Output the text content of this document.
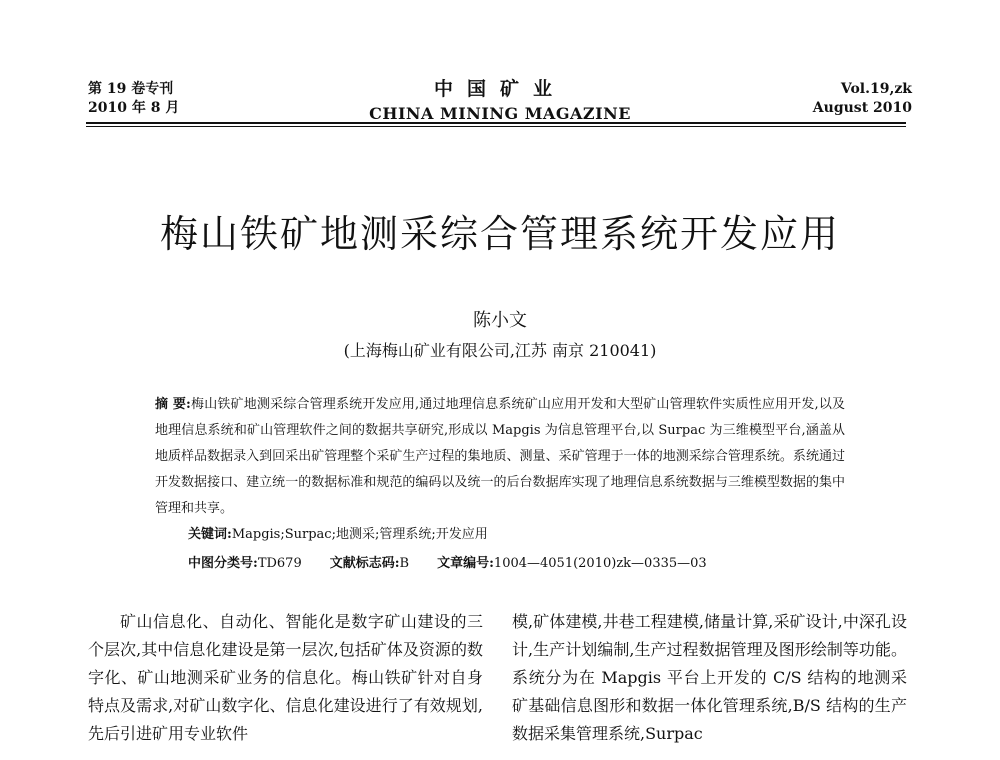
第 19 卷专刊
2010 年 8 月
中国矿业
CHINA MINING MAGAZINE
Vol.19,zk
August 2010
梅山铁矿地测采综合管理系统开发应用
陈小文
(上海梅山矿业有限公司,江苏 南京 210041)
摘 要:梅山铁矿地测采综合管理系统开发应用,通过地理信息系统矿山应用开发和大型矿山管理软件实质性应用开发,以及地理信息系统和矿山管理软件之间的数据共享研究,形成以 Mapgis 为信息管理平台,以 Surpac 为三维模型平台,涵盖从地质样品数据录入到回采出矿管理整个采矿生产过程的集地质、测量、采矿管理于一体的地测采综合管理系统。系统通过开发数据接口、建立统一的数据标准和规范的编码以及统一的后台数据库实现了地理信息系统数据与三维模型数据的集中管理和共享。
关键词:Mapgis;Surpac;地测采;管理系统;开发应用
中图分类号:TD679 文献标志码:B 文章编号:1004—4051(2010)zk—0335—03

矿山信息化、自动化、智能化是数字矿山建设的三个层次,其中信息化建设是第一层次,包括矿体及资源的数字化、矿山地测采矿业务的信息化。梅山铁矿针对自身特点及需求,对矿山数字化、信息化建设进行了有效规划,先后引进矿用专业软件

模,矿体建模,井巷工程建模,储量计算,采矿设计,中深孔设计,生产计划编制,生产过程数据管理及图形绘制等功能。系统分为在 Mapgis 平台上开发的 C/S 结构的地测采矿基础信息图形和数据一体化管理系统,B/S 结构的生产数据采集管理系统,Surpac
